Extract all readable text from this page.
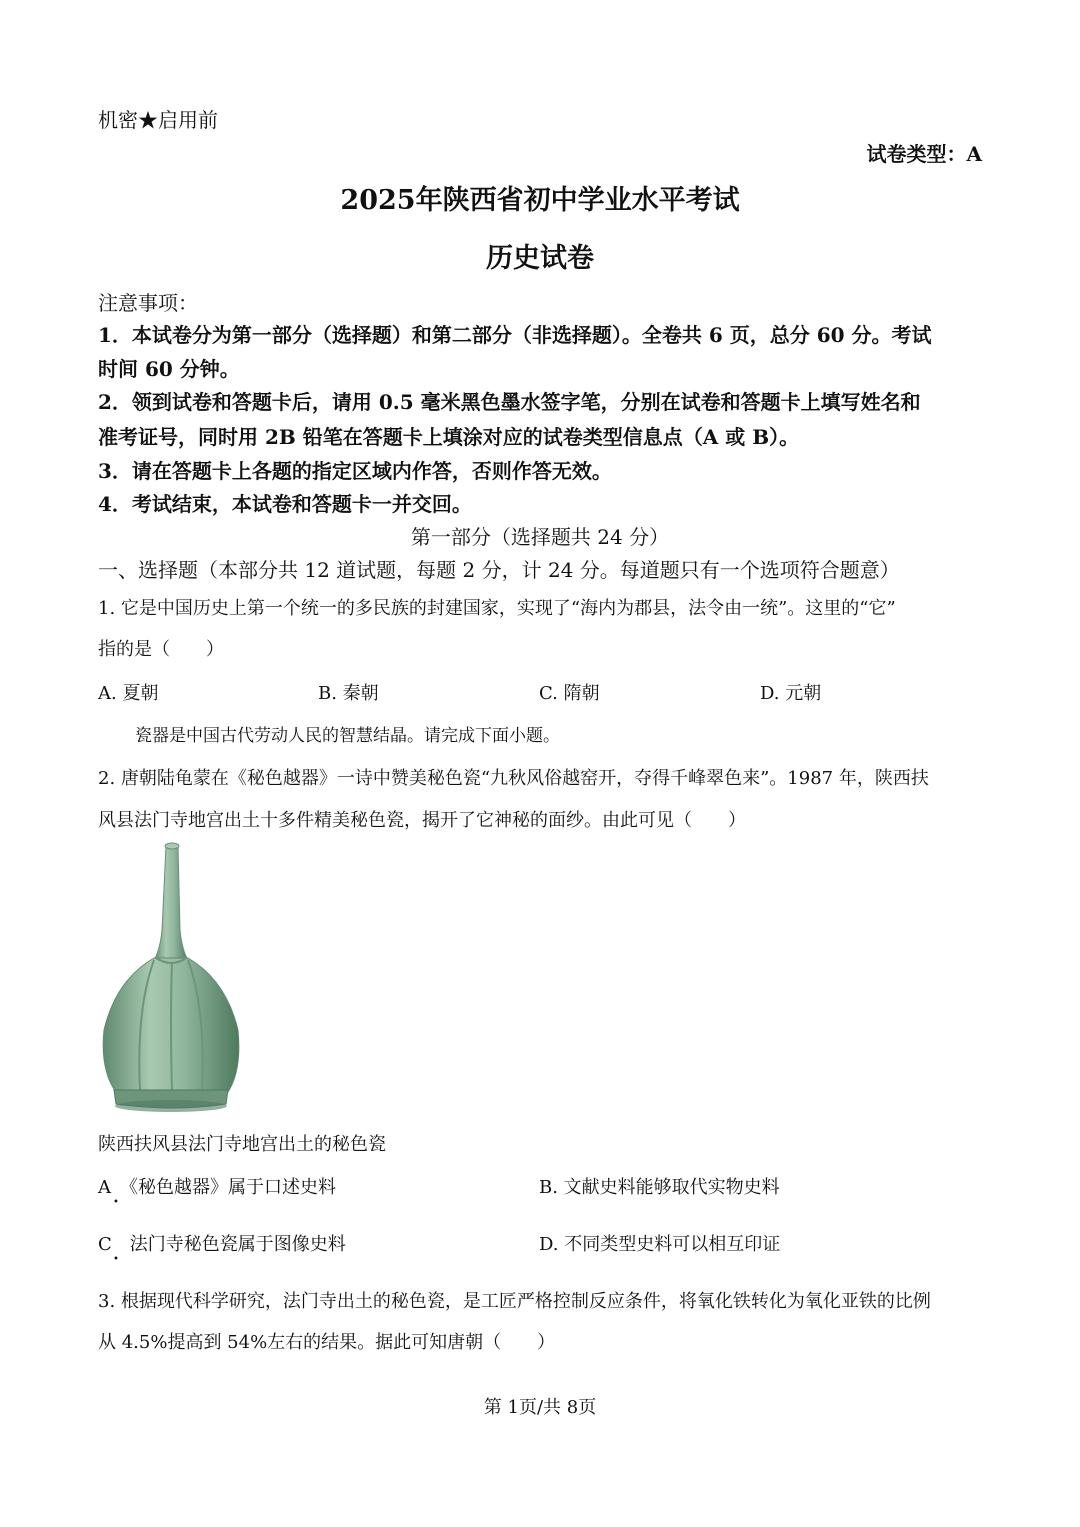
机密★启用前
试卷类型：A
2025年陕西省初中学业水平考试
历史试卷
注意事项：
1．本试卷分为第一部分（选择题）和第二部分（非选择题）。全卷共 6 页，总分 60 分。考试
时间 60 分钟。
2．领到试卷和答题卡后，请用 0.5 毫米黑色墨水签字笔，分别在试卷和答题卡上填写姓名和
准考证号，同时用 2B 铅笔在答题卡上填涂对应的试卷类型信息点（A 或 B）。
3．请在答题卡上各题的指定区域内作答，否则作答无效。
4．考试结束，本试卷和答题卡一并交回。
第一部分（选择题共 24 分）
一、选择题（本部分共 12 道试题，每题 2 分，计 24 分。每道题只有一个选项符合题意）
1. 它是中国历史上第一个统一的多民族的封建国家，实现了“海内为郡县，法令由一统”。这里的“它”
指的是（　　）
A. 夏朝	B. 秦朝	C. 隋朝	D. 元朝
瓷器是中国古代劳动人民的智慧结晶。请完成下面小题。
2. 唐朝陆龟蒙在《秘色越器》一诗中赞美秘色瓷“九秋风俗越窑开，夺得千峰翠色来”。1987 年，陕西扶
风县法门寺地宫出土十多件精美秘色瓷，揭开了它神秘的面纱。由此可见（　　）
陕西扶风县法门寺地宫出土的秘色瓷
A　《秘色越器》属于口述史料
•
B. 文献史料能够取代实物史料
C　法门寺秘色瓷属于图像史料
•
D. 不同类型史料可以相互印证
3. 根据现代科学研究，法门寺出土的秘色瓷，是工匠严格控制反应条件，将氧化铁转化为氧化亚铁的比例
从 4.5%提高到 54%左右的结果。据此可知唐朝（　　）
第 1页/共 8页
